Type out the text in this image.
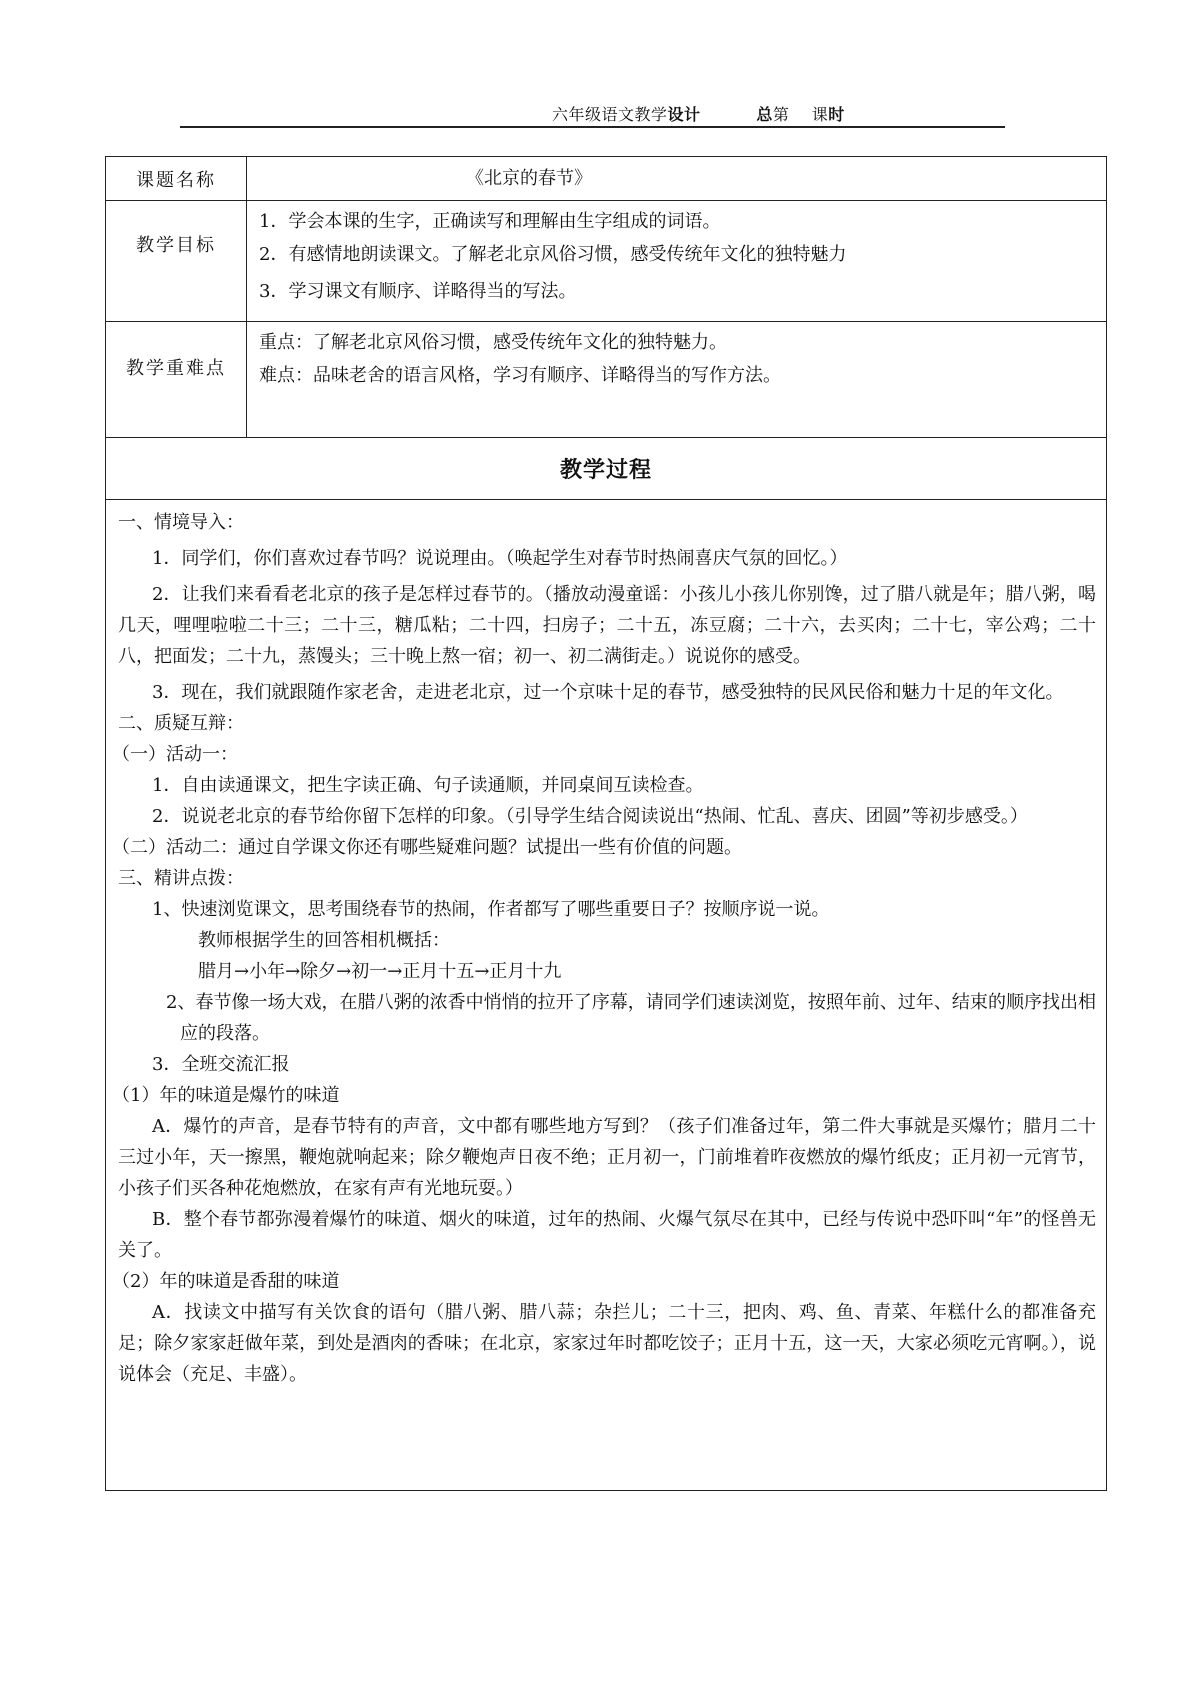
六年级语文教学设计	总第 课时
课题名称	《北京的春节》
教学目标
1．学会本课的生字，正确读写和理解由生字组成的词语。
2．有感情地朗读课文。了解老北京风俗习惯，感受传统年文化的独特魅力
3．学习课文有顺序、详略得当的写法。
教学重难点
重点：了解老北京风俗习惯，感受传统年文化的独特魅力。
难点：品味老舍的语言风格，学习有顺序、详略得当的写作方法。
教学过程

一、情境导入：

1．同学们，你们喜欢过春节吗？说说理由。（唤起学生对春节时热闹喜庆气氛的回忆。）

2．让我们来看看老北京的孩子是怎样过春节的。（播放动漫童谣：小孩儿小孩儿你别馋，过了腊八就是年；腊八粥，喝几天，哩哩啦啦二十三；二十三，糖瓜粘；二十四，扫房子；二十五，冻豆腐；二十六，去买肉；二十七，宰公鸡；二十八，把面发；二十九，蒸馒头；三十晚上熬一宿；初一、初二满街走。）说说你的感受。

3．现在，我们就跟随作家老舍，走进老北京，过一个京味十足的春节，感受独特的民风民俗和魅力十足的年文化。

二、质疑互辩：

（一）活动一：

1．自由读通课文，把生字读正确、句子读通顺，并同桌间互读检查。

2．说说老北京的春节给你留下怎样的印象。（引导学生结合阅读说出“热闹、忙乱、喜庆、团圆”等初步感受。）

（二）活动二：通过自学课文你还有哪些疑难问题？试提出一些有价值的问题。

三、精讲点拨：

1、快速浏览课文，思考围绕春节的热闹，作者都写了哪些重要日子？按顺序说一说。

教师根据学生的回答相机概括：

腊月→小年→除夕→初一→正月十五→正月十九

2、春节像一场大戏，在腊八粥的浓香中悄悄的拉开了序幕，请同学们速读浏览，按照年前、过年、结束的顺序找出相应的段落。

3．全班交流汇报

（1）年的味道是爆竹的味道

A．爆竹的声音，是春节特有的声音，文中都有哪些地方写到？（孩子们准备过年，第二件大事就是买爆竹；腊月二十三过小年，天一擦黑，鞭炮就响起来；除夕鞭炮声日夜不绝；正月初一，门前堆着昨夜燃放的爆竹纸皮；正月初一元宵节，小孩子们买各种花炮燃放，在家有声有光地玩耍。）

B．整个春节都弥漫着爆竹的味道、烟火的味道，过年的热闹、火爆气氛尽在其中，已经与传说中恐吓叫“年”的怪兽无关了。

（2）年的味道是香甜的味道

A．找读文中描写有关饮食的语句（腊八粥、腊八蒜；杂拦儿；二十三，把肉、鸡、鱼、青菜、年糕什么的都准备充足；除夕家家赶做年菜，到处是酒肉的香味；在北京，家家过年时都吃饺子；正月十五，这一天，大家必须吃元宵啊。），说说体会（充足、丰盛）。
